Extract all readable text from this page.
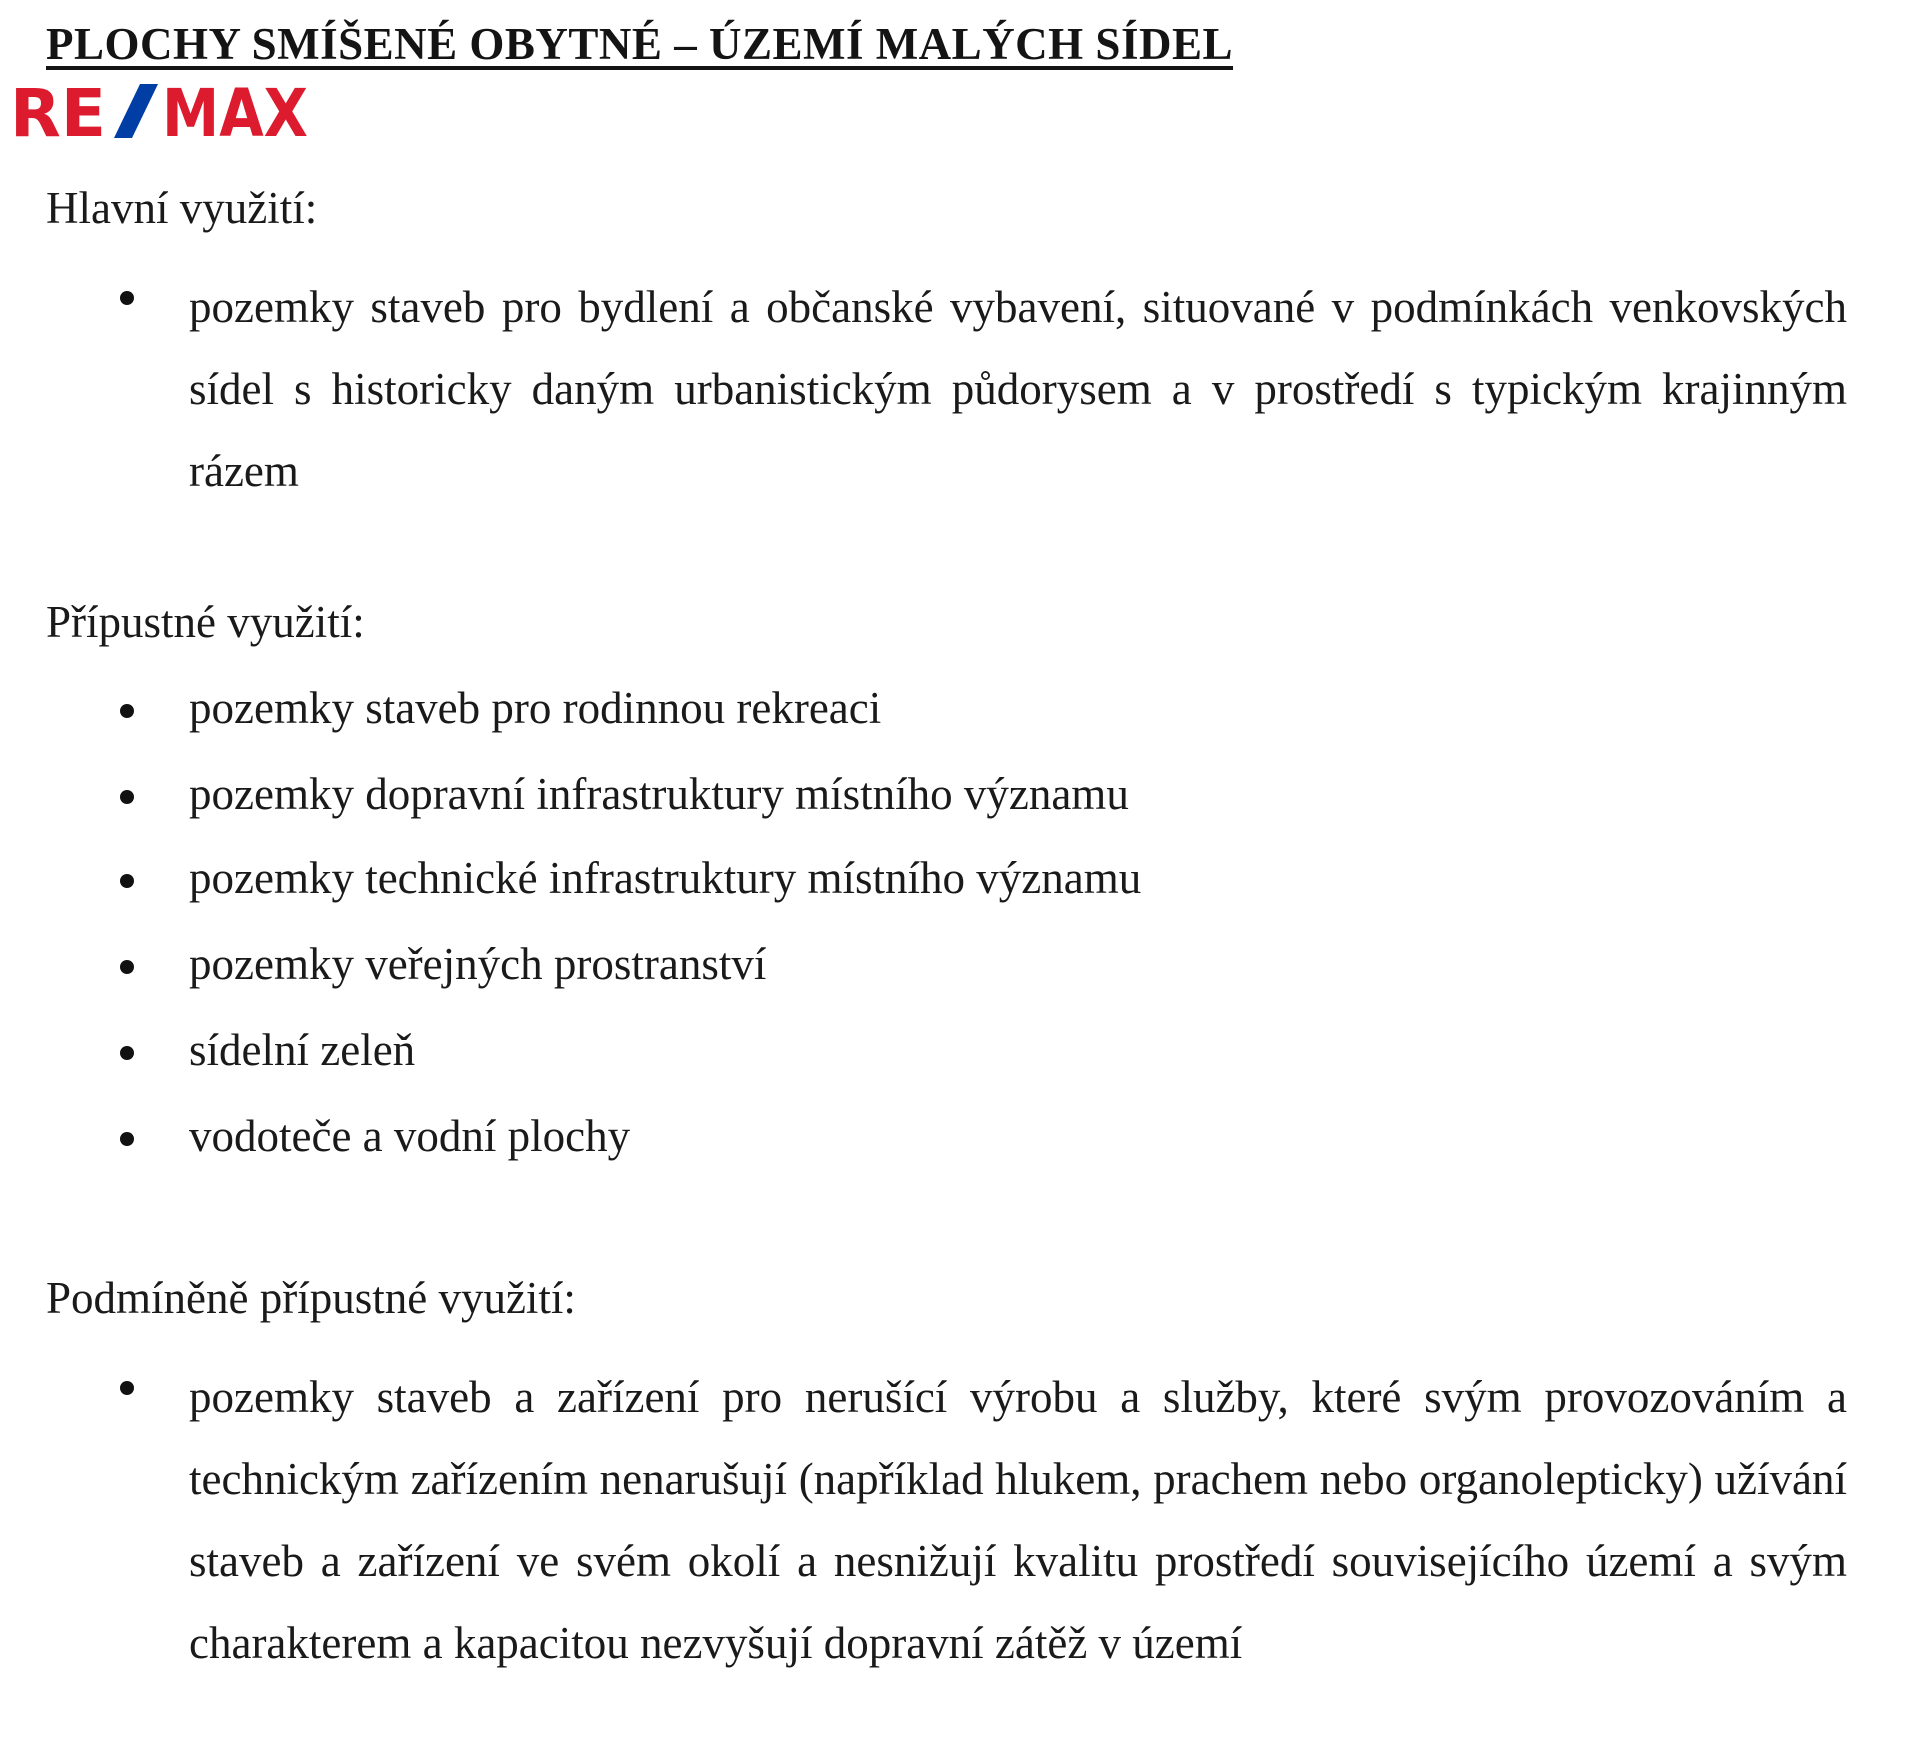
PLOCHY SMÍŠENÉ OBYTNÉ – ÚZEMÍ MALÝCH SÍDEL
RE MAX
Hlavní využití:
pozemky staveb pro bydlení a občanské vybavení, situované v podmínkách venkovských sídel s historicky daným urbanistickým půdorysem a v prostředí s typickým krajinným rázem
Přípustné využití:
pozemky staveb pro rodinnou rekreaci
pozemky dopravní infrastruktury místního významu
pozemky technické infrastruktury místního významu
pozemky veřejných prostranství
sídelní zeleň
vodoteče a vodní plochy
Podmíněně přípustné využití:
pozemky staveb a zařízení pro nerušící výrobu a služby, které svým provozováním a technickým zařízením nenarušují (například hlukem, prachem nebo organolepticky) užívání staveb a zařízení ve svém okolí a nesnižují kvalitu prostředí souvisejícího území a svým charakterem a kapacitou nezvyšují dopravní zátěž v území
